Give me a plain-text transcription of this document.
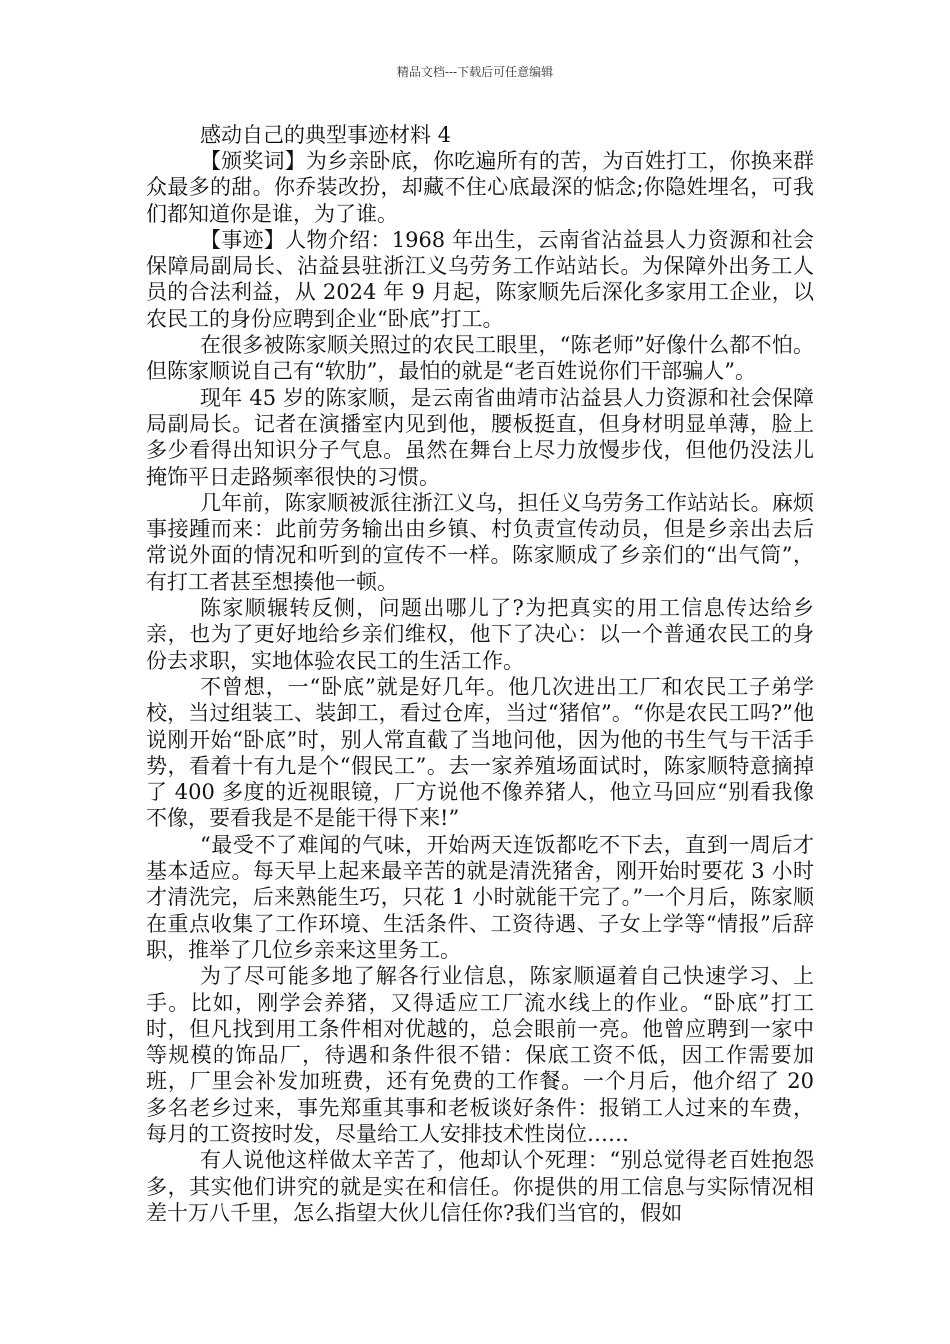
精品文档---下载后可任意编辑

感动自己的典型事迹材料 4

【颁奖词】为乡亲卧底，你吃遍所有的苦，为百姓打工，你换来群众最多的甜。你乔装改扮，却藏不住心底最深的惦念;你隐姓埋名，可我们都知道你是谁，为了谁。

【事迹】人物介绍：1968 年出生，云南省沾益县人力资源和社会保障局副局长、沾益县驻浙江义乌劳务工作站站长。为保障外出务工人员的合法利益，从 2024 年 9 月起，陈家顺先后深化多家用工企业，以农民工的身份应聘到企业“卧底”打工。

在很多被陈家顺关照过的农民工眼里，“陈老师”好像什么都不怕。但陈家顺说自己有“软肋”，最怕的就是“老百姓说你们干部骗人”。

现年 45 岁的陈家顺，是云南省曲靖市沾益县人力资源和社会保障局副局长。记者在演播室内见到他，腰板挺直，但身材明显单薄，脸上多少看得出知识分子气息。虽然在舞台上尽力放慢步伐，但他仍没法儿掩饰平日走路频率很快的习惯。

几年前，陈家顺被派往浙江义乌，担任义乌劳务工作站站长。麻烦事接踵而来：此前劳务输出由乡镇、村负责宣传动员，但是乡亲出去后常说外面的情况和听到的宣传不一样。陈家顺成了乡亲们的“出气筒”，有打工者甚至想揍他一顿。

陈家顺辗转反侧，问题出哪儿了?为把真实的用工信息传达给乡亲，也为了更好地给乡亲们维权，他下了决心：以一个普通农民工的身份去求职，实地体验农民工的生活工作。

不曾想，一“卧底”就是好几年。他几次进出工厂和农民工子弟学校，当过组装工、装卸工，看过仓库，当过“猪倌”。“你是农民工吗?”他说刚开始“卧底”时，别人常直截了当地问他，因为他的书生气与干活手势，看着十有九是个“假民工”。去一家养殖场面试时，陈家顺特意摘掉了 400 多度的近视眼镜，厂方说他不像养猪人，他立马回应“别看我像不像，要看我是不是能干得下来!”

“最受不了难闻的气味，开始两天连饭都吃不下去，直到一周后才基本适应。每天早上起来最辛苦的就是清洗猪舍，刚开始时要花 3 小时才清洗完，后来熟能生巧，只花 1 小时就能干完了。”一个月后，陈家顺在重点收集了工作环境、生活条件、工资待遇、子女上学等“情报”后辞职，推举了几位乡亲来这里务工。

为了尽可能多地了解各行业信息，陈家顺逼着自己快速学习、上手。比如，刚学会养猪，又得适应工厂流水线上的作业。“卧底”打工时，但凡找到用工条件相对优越的，总会眼前一亮。他曾应聘到一家中等规模的饰品厂，待遇和条件很不错：保底工资不低，因工作需要加班，厂里会补发加班费，还有免费的工作餐。一个月后，他介绍了 20 多名老乡过来，事先郑重其事和老板谈好条件：报销工人过来的车费，每月的工资按时发，尽量给工人安排技术性岗位……

有人说他这样做太辛苦了，他却认个死理：“别总觉得老百姓抱怨多，其实他们讲究的就是实在和信任。你提供的用工信息与实际情况相差十万八千里，怎么指望大伙儿信任你?我们当官的，假如
